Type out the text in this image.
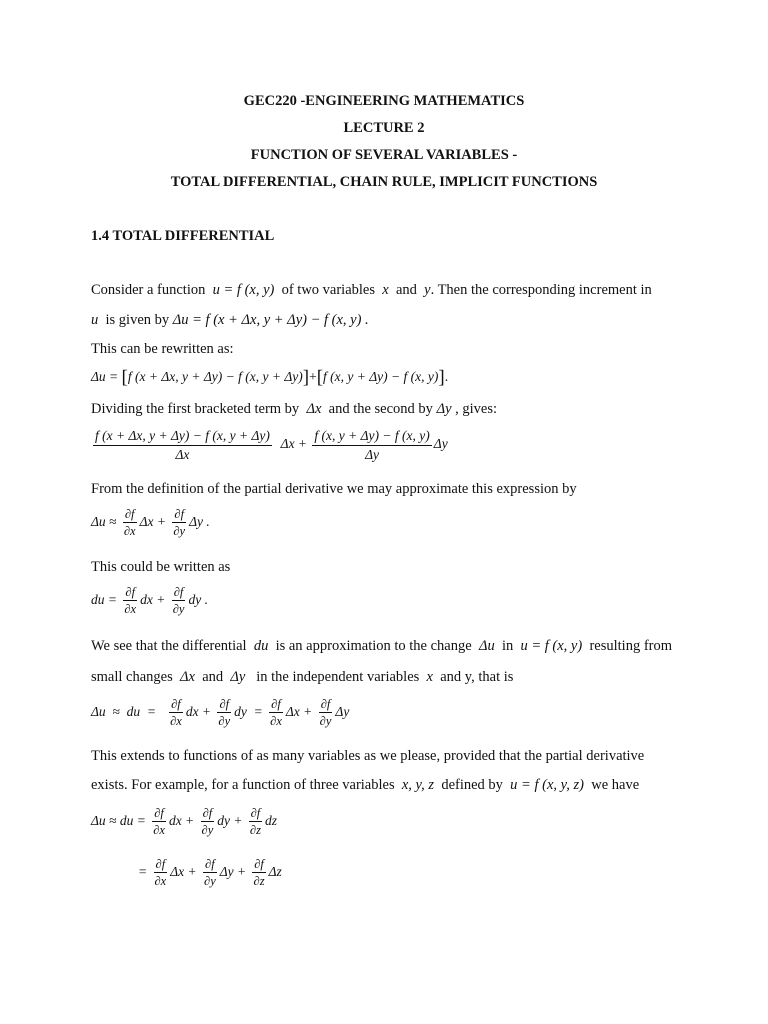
GEC220 -ENGINEERING MATHEMATICS
LECTURE 2
FUNCTION OF SEVERAL VARIABLES -
TOTAL DIFFERENTIAL, CHAIN RULE, IMPLICIT FUNCTIONS
1.4 TOTAL DIFFERENTIAL
Consider a function  u = f (x, y)  of two variables  x  and  y. Then the corresponding increment in
u  is given by Δu = f (x + Δx, y + Δy) − f (x, y) .
This can be rewritten as:
Δu = [f (x + Δx, y + Δy) − f (x, y + Δy)]+[f (x, y + Δy) − f (x, y)].
Dividing the first bracketed term by  Δx  and the second by Δy , gives:
$\frac{f (x + \Delta x, y + \Delta y) - f (x, y + \Delta y)}{\Delta x}$ $\Delta x + \frac{f (x, y + \Delta y) - f (x, y)}{\Delta y}$ Δy
From the definition of the partial derivative we may approximate this expression by
$\Delta u \approx \frac{\partial f}{\partial x}$ $\Delta x + \frac{\partial f}{\partial y}$ Δy .
This could be written as
du = $\frac{\partial f}{\partial x}$ dx + $\frac{\partial f}{\partial y}$ dy .
We see that the differential  du  is an approximation to the change  Δu  in  u = f (x, y)  resulting from
small changes  Δx  and  Δy   in the independent variables  x  and y, that is
Δu  ≈  du  = $\frac{\partial f}{\partial x}$ dx + $\frac{\partial f}{\partial y}$ dy  = $\frac{\partial f}{\partial x}$ $\Delta x + \frac{\partial f}{\partial y}$ Δy
This extends to functions of as many variables as we please, provided that the partial derivative
exists. For example, for a function of three variables  x, y, z  defined by  u = f (x, y, z)  we have
Δu ≈ du = $\frac{\partial f}{\partial x}$ dx + $\frac{\partial f}{\partial y}$ dy + $\frac{\partial f}{\partial z}$ dz
= $\frac{\partial f}{\partial x}$ $\Delta x + \frac{\partial f}{\partial y}$ $\Delta y + \frac{\partial f}{\partial z}$ Δz
